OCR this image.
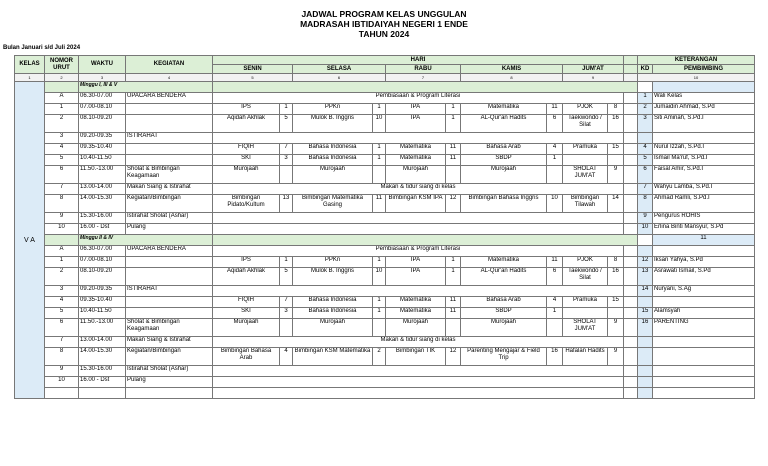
JADWAL PROGRAM KELAS UNGGULAN
MADRASAH IBTIDAIYAH NEGERI 1 ENDE
TAHUN 2024
Bulan Januari s/d Juli 2024
KELAS	NOMOR URUT	WAKTU	KEGIATAN	HARI											KETERANGAN		
				SENIN		SELASA		RABU		KAMIS		JUM'AT			KD	PEMBIMBING	
1	2	3	4	5		6		7		8		9			10		
V A		Minggu I, III & V															
	A	06.30-07.00	UPACARA BENDERA	Pembiasaan & Program Literasi											1	Wali Kelas	
	1	07.00-08.10		IPS	1	PPKn	1	IPA	1	Matematika	11	PJOK	8		2	Jumaidin Ahmad, S.Pd	
	2	08.10-09.20		Aqidah Akhlak	5	Mulok B. Inggris	10	IPA	1	AL-Qur'an Hadits	6	Taekwondo / Silat	16		3	Siti Aminah, S.Pd.I	
	3	09.20-09.35	ISTIRAHAT														
	4	09.35-10.40		FIQIH	7	Bahasa Indonesia	1	Matematika	11	Bahasa Arab	4	Pramuka	15		4	Nurul Izzah, S.Pd.I	
	5	10.40-11.50		SKI	3	Bahasa Indonesia	1	Matematika	11	SBDP	1				5	Ismail Ma'ruf, S.Pd.I	
	6	11.50.-13.00	Sholat & Bimbingan Keagamaan	Murojaah		Murojaah		Murojaah		Murojaah		SHOLAT JUM'AT	9		6	Faisal Amir, S.Pd.I	
	7	13.00-14.00	Makan Siang & Istirahat	Makan & tidur siang di kelas											7	Wahyu Lamba, S.Pd.I	
	8	14.00-15.30	Kegiatan/Bimbingan	Bimbingan Pidato/Kultum	13	Bimbingan Matematika Gasing	11	Bimbingan KSM IPA	12	Bimbingan Bahasa Inggris	10	Bimbingan Tilawah	14		8	Ahmad Ramli, S.Pd.I	
	9	15.30-16.00	Istirahat Sholat (Ashar)												9	Pengurus ROHIS	
	10	16.00 - Dst	Pulang												10	Erlina Binti Mansyur, S.Pd	
		Minggu II & IV														11	
	A	06.30-07.00	UPACARA BENDERA	Pembiasaan & Program Literasi													
	1	07.00-08.10		IPS	1	PPKn	1	IPA	1	Matematika	11	PJOK	8		12	Iksan Yahya, S.Pd	
	2	08.10-09.20		Aqidah Akhlak	5	Mulok B. Inggris	10	IPA	1	AL-Qur'an Hadits	6	Taekwondo / Silat	16		13	Asrawati Ismail, S.Pd	
	3	09.20-09.35	ISTIRAHAT												14	Nuryani, S.Ag	
	4	09.35-10.40		FIQIH	7	Bahasa Indonesia	1	Matematika	11	Bahasa Arab	4	Pramuka	15				
	5	10.40-11.50		SKI	3	Bahasa Indonesia	1	Matematika	11	SBDP	1				15	Alamsyah	
	6	11.50.-13.00	Sholat & Bimbingan Keagamaan	Murojaah		Murojaah		Murojaah		Murojaah		SHOLAT JUM'AT	9		16	PARENTING	
	7	13.00-14.00	Makan Siang & Istirahat	Makan & tidur siang di kelas													
	8	14.00-15.30	Kegiatan/Bimbingan	Bimbingan Bahasa Arab	4	Bimbingan KSM Matematika	2	Bimbingan TIK	12	Parenting Mengajar & Field Trip	16	Hafalan Hadits	9				
	9	15.30-16.00	Istirahat Sholat (Ashar)														
	10	16.00 - Dst	Pulang														
